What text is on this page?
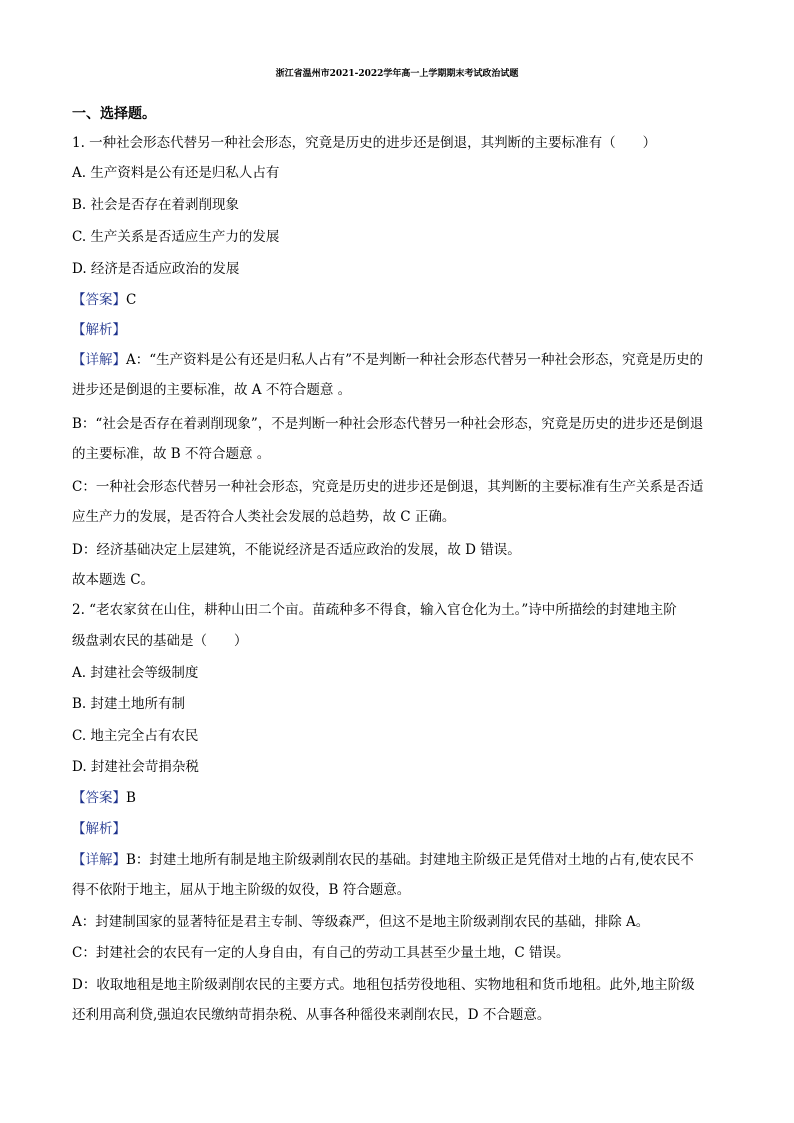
浙江省温州市2021-2022学年高一上学期期末考试政治试题
一、选择题。
1. 一种社会形态代替另一种社会形态，究竟是历史的进步还是倒退，其判断的主要标准有（　　）
A. 生产资料是公有还是归私人占有
B. 社会是否存在着剥削现象
C. 生产关系是否适应生产力的发展
D. 经济是否适应政治的发展
【答案】C
【解析】
【详解】A：“生产资料是公有还是归私人占有”不是判断一种社会形态代替另一种社会形态，究竟是历史的
进步还是倒退的主要标准，故 A 不符合题意 。
B：“社会是否存在着剥削现象”，不是判断一种社会形态代替另一种社会形态，究竟是历史的进步还是倒退
的主要标准，故 B 不符合题意 。
C：一种社会形态代替另一种社会形态，究竟是历史的进步还是倒退，其判断的主要标准有生产关系是否适
应生产力的发展，是否符合人类社会发展的总趋势，故 C 正确。
D：经济基础决定上层建筑，不能说经济是否适应政治的发展，故 D 错误。
故本题选 C。
2. “老农家贫在山住，耕种山田二个亩。苗疏种多不得食，输入官仓化为土。”诗中所描绘的封建地主阶
级盘剥农民的基础是（　　）
A. 封建社会等级制度
B. 封建土地所有制
C. 地主完全占有农民
D. 封建社会苛捐杂税
【答案】B
【解析】
【详解】B：封建土地所有制是地主阶级剥削农民的基础。封建地主阶级正是凭借对土地的占有,使农民不
得不依附于地主，屈从于地主阶级的奴役，B 符合题意。
A：封建制国家的显著特征是君主专制、等级森严，但这不是地主阶级剥削农民的基础，排除 A。
C：封建社会的农民有一定的人身自由，有自己的劳动工具甚至少量土地，C 错误。
D：收取地租是地主阶级剥削农民的主要方式。地租包括劳役地租、实物地租和货币地租。此外,地主阶级
还利用高利贷,强迫农民缴纳苛捐杂税、从事各种徭役来剥削农民，D 不合题意。
